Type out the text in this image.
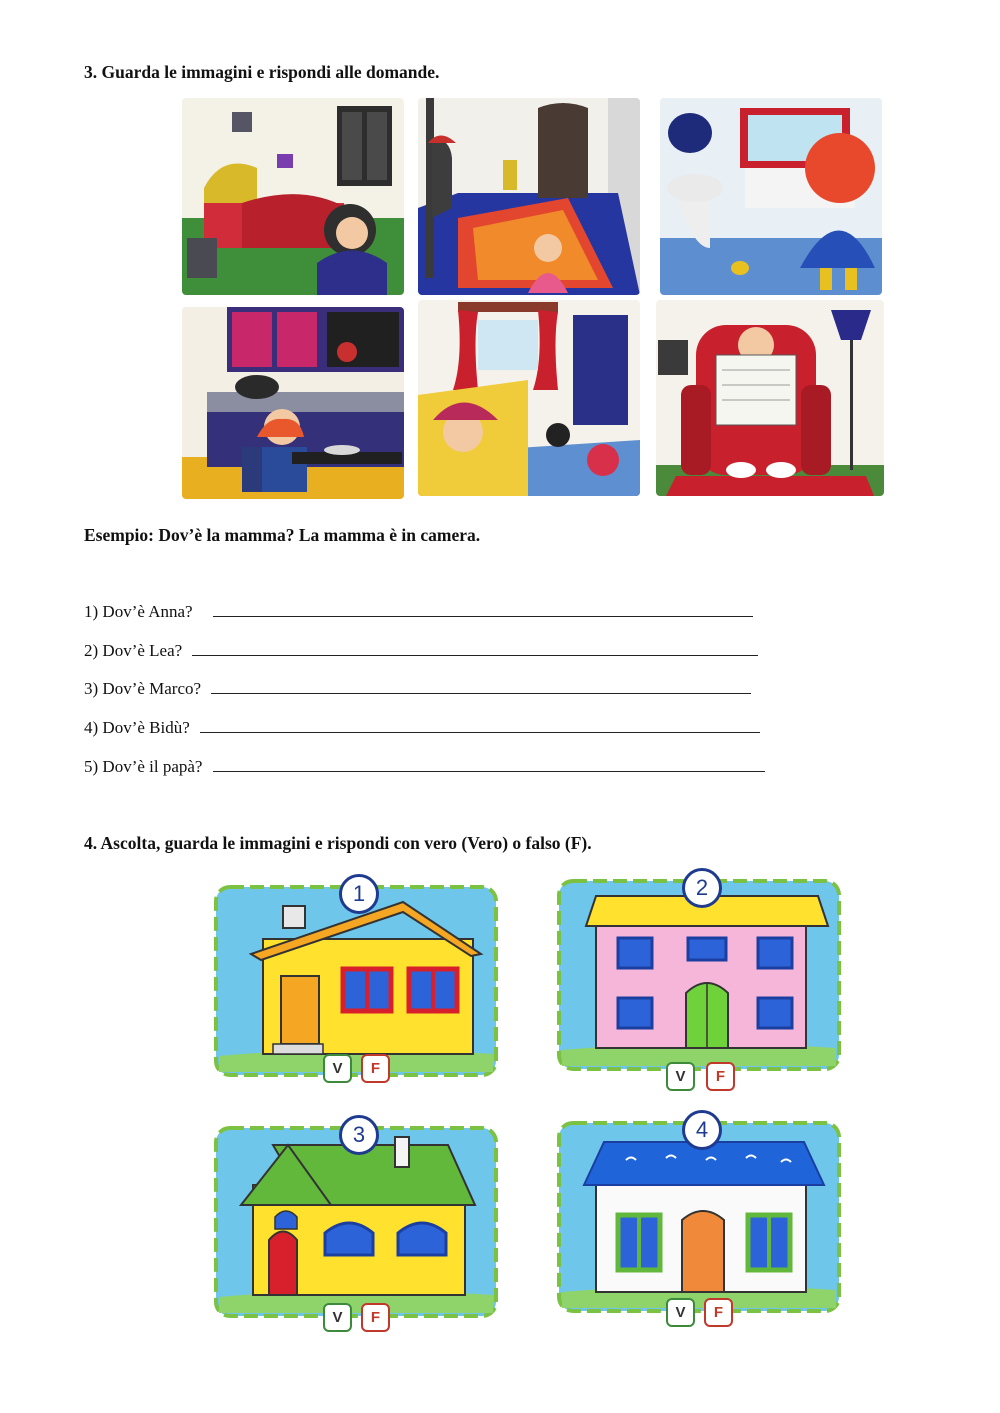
3. Guarda le immagini e rispondi alle domande.
Esempio: Dov’è la mamma? La mamma è in camera.
1) Dov’è Anna?
2) Dov’è Lea?
3) Dov’è Marco?
4) Dov’è Bidù?
5) Dov’è il papà?
4. Ascolta, guarda le immagini e rispondi con vero (Vero) o falso (F).
1
V	F
2
V	F
3
V	F
4
V	F
